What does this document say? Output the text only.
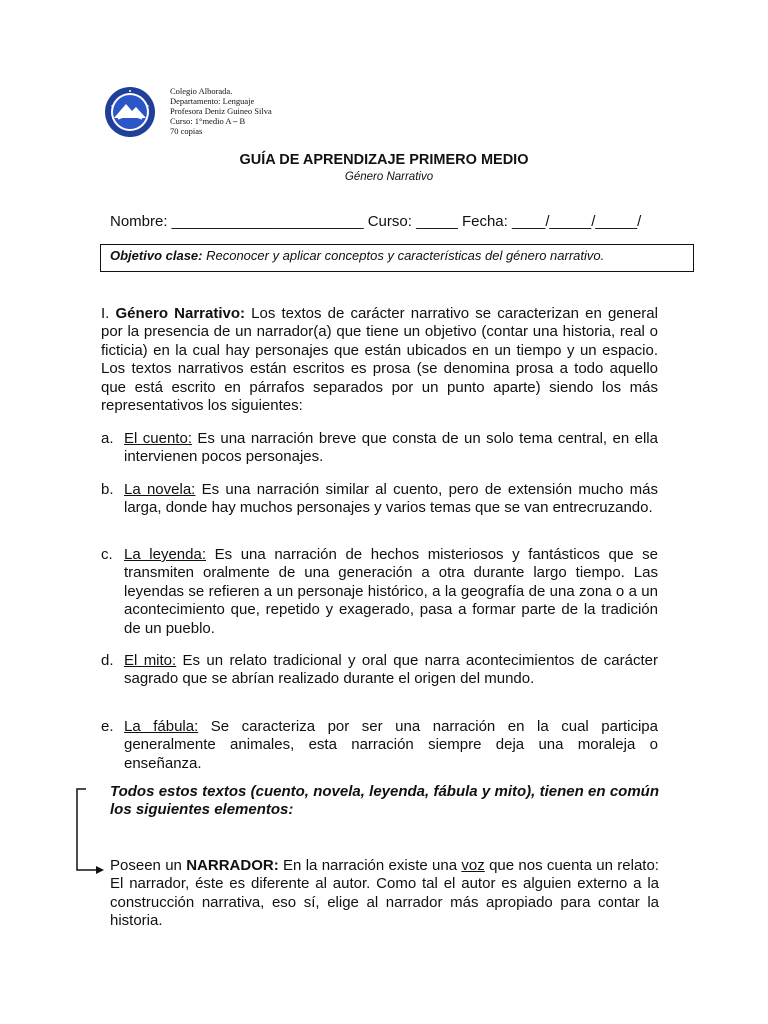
Colegio Alborada.
Departamento: Lenguaje
Profesora Deniz Guineo Silva
Curso: 1°medio A – B
70 copias
GUÍA DE APRENDIZAJE PRIMERO MEDIO
Género Narrativo
Nombre: _______________________ Curso: _____ Fecha: ____/_____/_____/
Objetivo clase: Reconocer y aplicar conceptos y características del género narrativo.
I. Género Narrativo: Los textos de carácter narrativo se caracterizan en general por la presencia de un narrador(a) que tiene un objetivo (contar una historia, real o ficticia) en la cual hay personajes que están ubicados en un tiempo y un espacio. Los textos narrativos están escritos es prosa (se denomina prosa a todo aquello que está escrito en párrafos separados por un punto aparte) siendo los más representativos los siguientes:
a. El cuento: Es una narración breve que consta de un solo tema central, en ella intervienen pocos personajes.
b. La novela: Es una narración similar al cuento, pero de extensión mucho más larga, donde hay muchos personajes y varios temas que se van entrecruzando.
c. La leyenda: Es una narración de hechos misteriosos y fantásticos que se transmiten oralmente de una generación a otra durante largo tiempo. Las leyendas se refieren a un personaje histórico, a la geografía de una zona o a un acontecimiento que, repetido y exagerado, pasa a formar parte de la tradición de un pueblo.
d. El mito: Es un relato tradicional y oral que narra acontecimientos de carácter sagrado que se abrían realizado durante el origen del mundo.
e. La fábula: Se caracteriza por ser una narración en la cual participa generalmente animales, esta narración siempre deja una moraleja o enseñanza.
Todos estos textos (cuento, novela, leyenda, fábula y mito), tienen en común los siguientes elementos:
Poseen un NARRADOR: En la narración existe una voz que nos cuenta un relato: El narrador, éste es diferente al autor. Como tal el autor es alguien externo a la construcción narrativa, eso sí, elige al narrador más apropiado para contar la historia.
